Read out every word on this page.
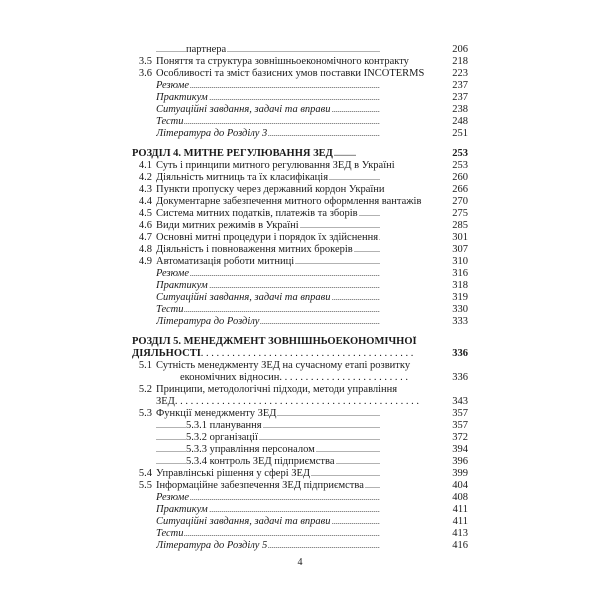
партнера . . .	206
3.5 Поняття та структура зовнішньоекономічного контракту . . .	218
3.6 Особливості та зміст базисних умов поставки INCOTERMS . . .	223
Резюме . . .	237
Практикум . . .	237
Ситуаційні завдання, задачі та вправи . . .	238
Тести . . .	248
Література до Розділу 3 . . .	251
РОЗДІЛ 4. МИТНЕ РЕГУЛЮВАННЯ ЗЕД . . .	253
4.1 Суть і принципи митного регулювання ЗЕД в Україні . . .	253
4.2 Діяльність митниць та їх класифікація . . .	260
4.3 Пункти пропуску через державний кордон України . . .	266
4.4 Документарне забезпечення митного оформлення вантажів . . .	270
4.5 Система митних податків, платежів та зборів . . .	275
4.6 Види митних режимів в Україні . . .	285
4.7 Основні митні процедури і порядок їх здійснення . . .	301
4.8 Діяльність і повноваження митних брокерів . . .	307
4.9 Автоматизація роботи митниці . . .	310
Резюме . . .	316
Практикум . . .	318
Ситуаційні завдання, задачі та вправи . . .	319
Тести . . .	330
Література до Розділу . . .	333
РОЗДІЛ 5. МЕНЕДЖМЕНТ ЗОВНІШНЬОЕКОНОМІЧНОЇ
ДІЯЛЬНОСТІ. . . . . . . . . . . . . . . . . . . . . . . . . . . . . . . . . . . . . . . . .	336
5.1 Сутність менеджменту ЗЕД на сучасному етапі розвитку
економічних відносин. . . . . . . . . . . . . . . . . . . . . . . . .	336
5.2 Принципи, методологічні підходи, методи управління
ЗЕД. . . . . . . . . . . . . . . . . . . . . . . . . . . . . . . . . . . . . . . . . . . . . . .	343
5.3 Функції менеджменту ЗЕД . . .	357
5.3.1 планування . . .	357
5.3.2 організації . . .	372
5.3.3 управління персоналом . . .	394
5.3.4 контроль ЗЕД підприємства . . .	396
5.4 Управлінські рішення у сфері ЗЕД . . .	399
5.5 Інформаційне забезпечення ЗЕД підприємства . . .	404
Резюме . . .	408
Практикум . . .	411
Ситуаційні завдання, задачі та вправи . . .	411
Тести . . .	413
Література до Розділу 5 . . .	416
4
